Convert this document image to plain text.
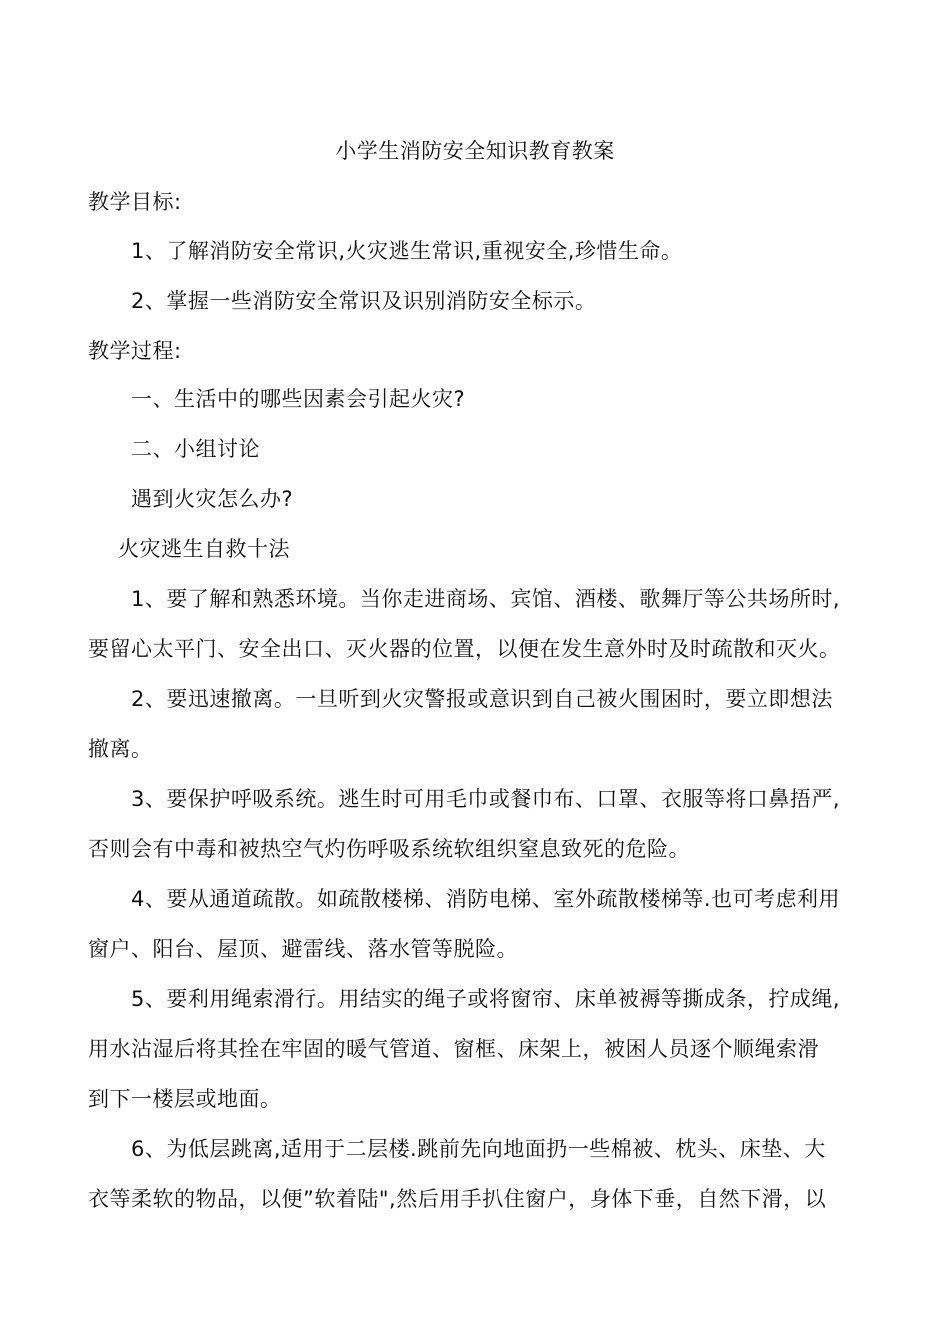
小学生消防安全知识教育教案
教学目标:
1、了解消防安全常识,火灾逃生常识,重视安全,珍惜生命。
2、掌握一些消防安全常识及识别消防安全标示。
教学过程:
一、生活中的哪些因素会引起火灾?
二、小组讨论
遇到火灾怎么办?
火灾逃生自救十法
1、要了解和熟悉环境。当你走进商场、宾馆、酒楼、歌舞厅等公共场所时,
要留心太平门、安全出口、灭火器的位置，以便在发生意外时及时疏散和灭火。
2、要迅速撤离。一旦听到火灾警报或意识到自己被火围困时，要立即想法
撤离。
3、要保护呼吸系统。逃生时可用毛巾或餐巾布、口罩、衣服等将口鼻捂严,
否则会有中毒和被热空气灼伤呼吸系统软组织窒息致死的危险。
4、要从通道疏散。如疏散楼梯、消防电梯、室外疏散楼梯等.也可考虑利用
窗户、阳台、屋顶、避雷线、落水管等脱险。
5、要利用绳索滑行。用结实的绳子或将窗帘、床单被褥等撕成条，拧成绳,
用水沾湿后将其拴在牢固的暖气管道、窗框、床架上，被困人员逐个顺绳索滑
到下一楼层或地面。
6、为低层跳离,适用于二层楼.跳前先向地面扔一些棉被、枕头、床垫、大
衣等柔软的物品，以便”软着陆",然后用手扒住窗户，身体下垂，自然下滑，以
